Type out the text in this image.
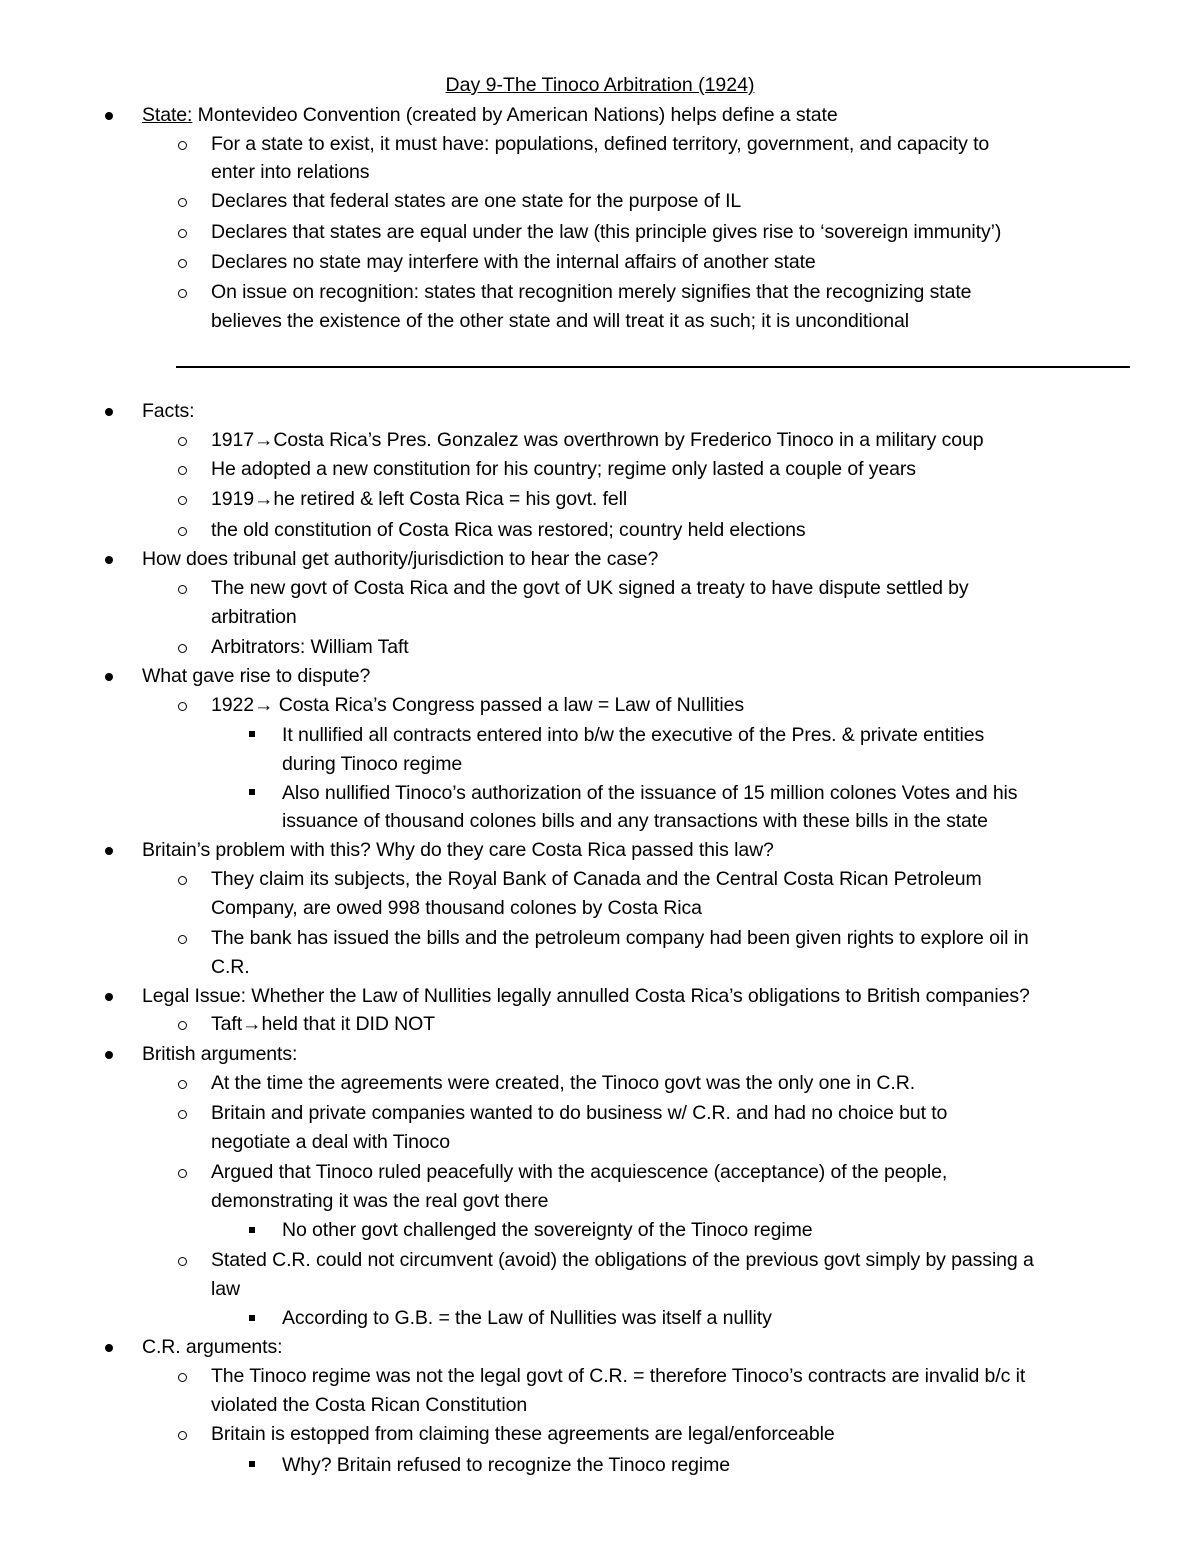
Day 9-The Tinoco Arbitration (1924)
State: Montevideo Convention (created by American Nations) helps define a state
For a state to exist, it must have: populations, defined territory, government, and capacity to
enter into relations
Declares that federal states are one state for the purpose of IL
Declares that states are equal under the law (this principle gives rise to ‘sovereign immunity’)
Declares no state may interfere with the internal affairs of another state
On issue on recognition: states that recognition merely signifies that the recognizing state
believes the existence of the other state and will treat it as such; it is unconditional
Facts:
1917→Costa Rica’s Pres. Gonzalez was overthrown by Frederico Tinoco in a military coup
He adopted a new constitution for his country; regime only lasted a couple of years
1919→he retired & left Costa Rica = his govt. fell
the old constitution of Costa Rica was restored; country held elections
How does tribunal get authority/jurisdiction to hear the case?
The new govt of Costa Rica and the govt of UK signed a treaty to have dispute settled by
arbitration
Arbitrators: William Taft
What gave rise to dispute?
1922→ Costa Rica’s Congress passed a law = Law of Nullities
It nullified all contracts entered into b/w the executive of the Pres. & private entities
during Tinoco regime
Also nullified Tinoco’s authorization of the issuance of 15 million colones Votes and his
issuance of thousand colones bills and any transactions with these bills in the state
Britain’s problem with this? Why do they care Costa Rica passed this law?
They claim its subjects, the Royal Bank of Canada and the Central Costa Rican Petroleum
Company, are owed 998 thousand colones by Costa Rica
The bank has issued the bills and the petroleum company had been given rights to explore oil in
C.R.
Legal Issue: Whether the Law of Nullities legally annulled Costa Rica’s obligations to British companies?
Taft→held that it DID NOT
British arguments:
At the time the agreements were created, the Tinoco govt was the only one in C.R.
Britain and private companies wanted to do business w/ C.R. and had no choice but to
negotiate a deal with Tinoco
Argued that Tinoco ruled peacefully with the acquiescence (acceptance) of the people,
demonstrating it was the real govt there
No other govt challenged the sovereignty of the Tinoco regime
Stated C.R. could not circumvent (avoid) the obligations of the previous govt simply by passing a
law
According to G.B. = the Law of Nullities was itself a nullity
C.R. arguments:
The Tinoco regime was not the legal govt of C.R. = therefore Tinoco’s contracts are invalid b/c it
violated the Costa Rican Constitution
Britain is estopped from claiming these agreements are legal/enforceable
Why? Britain refused to recognize the Tinoco regime
